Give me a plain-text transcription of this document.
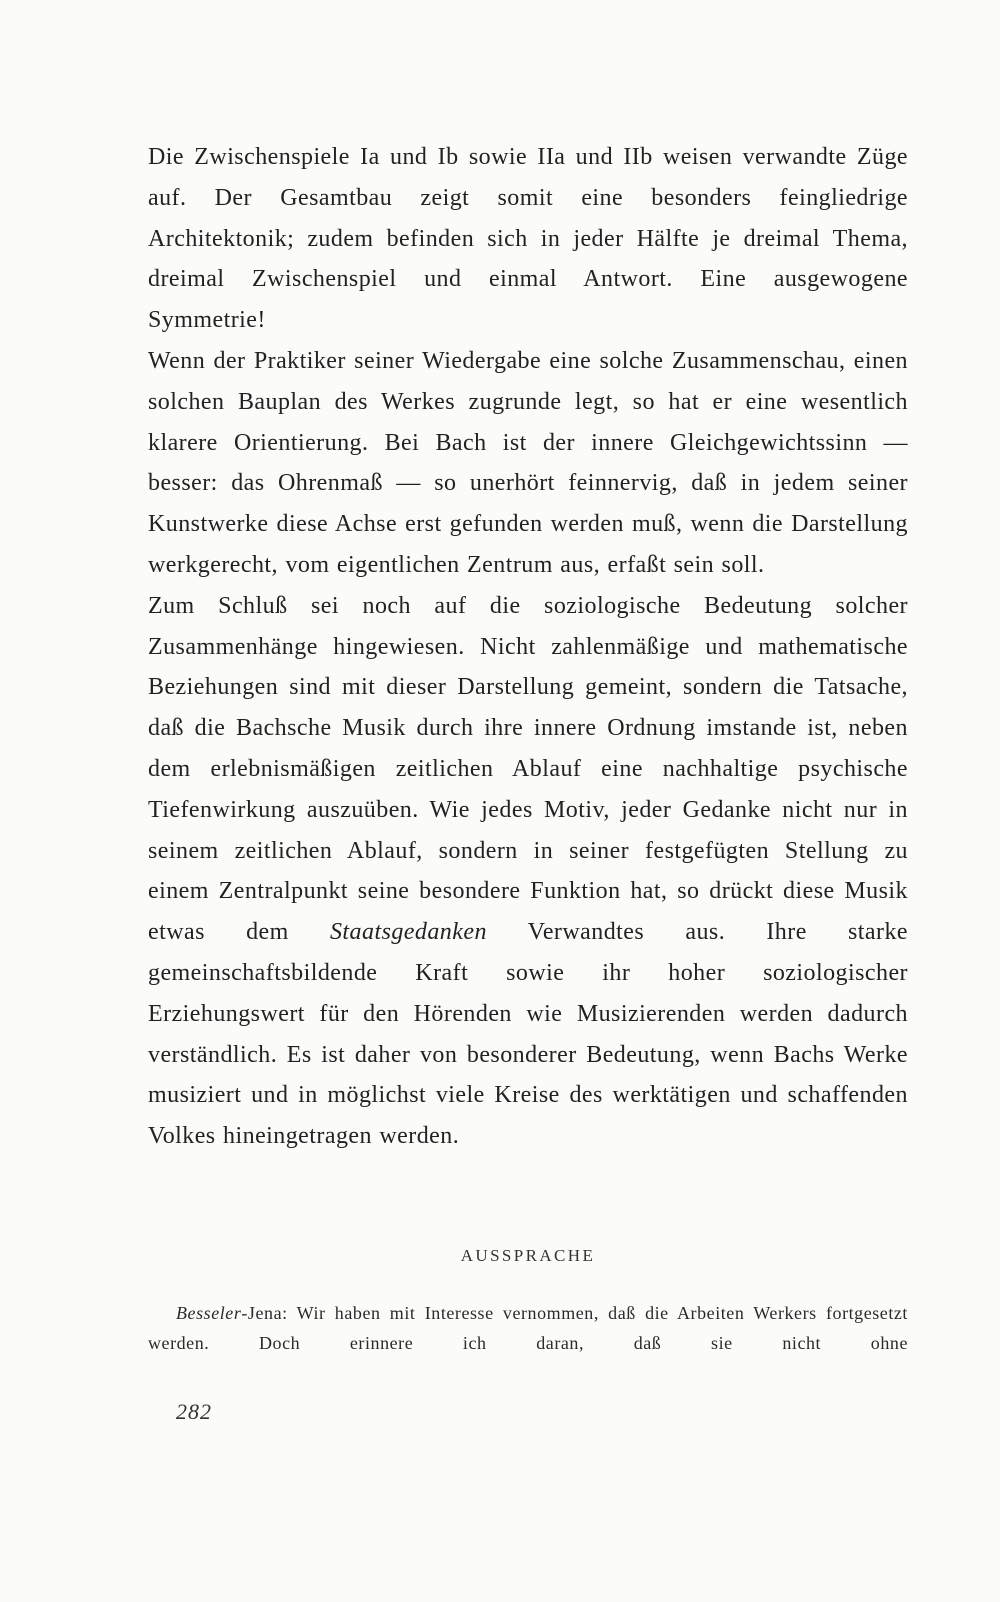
Die Zwischenspiele Ia und Ib sowie IIa und IIb weisen verwandte Züge auf. Der Gesamtbau zeigt somit eine besonders feingliedrige Architektonik; zudem befinden sich in jeder Hälfte je dreimal Thema, dreimal Zwischenspiel und einmal Antwort. Eine ausgewogene Symmetrie!

Wenn der Praktiker seiner Wiedergabe eine solche Zusammenschau, einen solchen Bauplan des Werkes zugrunde legt, so hat er eine wesentlich klarere Orientierung. Bei Bach ist der innere Gleichgewichtssinn — besser: das Ohrenmaß — so unerhört feinnervig, daß in jedem seiner Kunstwerke diese Achse erst gefunden werden muß, wenn die Darstellung werkgerecht, vom eigentlichen Zentrum aus, erfaßt sein soll.

Zum Schluß sei noch auf die soziologische Bedeutung solcher Zusammenhänge hingewiesen. Nicht zahlenmäßige und mathematische Beziehungen sind mit dieser Darstellung gemeint, sondern die Tatsache, daß die Bachsche Musik durch ihre innere Ordnung imstande ist, neben dem erlebnismäßigen zeitlichen Ablauf eine nachhaltige psychische Tiefenwirkung auszuüben. Wie jedes Motiv, jeder Gedanke nicht nur in seinem zeitlichen Ablauf, sondern in seiner festgefügten Stellung zu einem Zentralpunkt seine besondere Funktion hat, so drückt diese Musik etwas dem Staatsgedanken Verwandtes aus. Ihre starke gemeinschaftsbildende Kraft sowie ihr hoher soziologischer Erziehungswert für den Hörenden wie Musizierenden werden dadurch verständlich. Es ist daher von besonderer Bedeutung, wenn Bachs Werke musiziert und in möglichst viele Kreise des werktätigen und schaffenden Volkes hineingetragen werden.

AUSSPRACHE

Besseler-Jena: Wir haben mit Interesse vernommen, daß die Arbeiten Werkers fortgesetzt werden. Doch erinnere ich daran, daß sie nicht ohne

282
